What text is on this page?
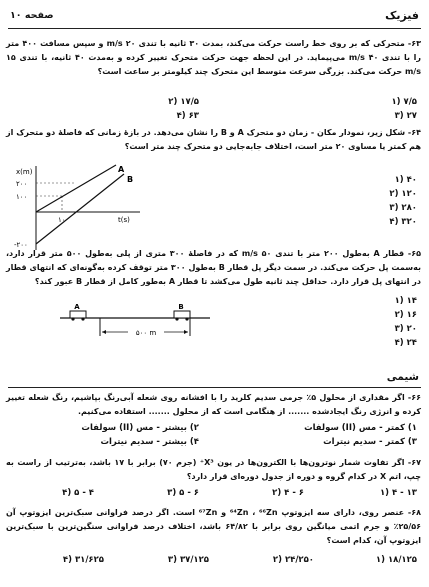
فیزیک
صفحه ۱۰
۶۳- متحرکی که بر روی خط راست حرکت می‌کند، بمدت ۳۰ ثانیه با تندی ۲۰ m/s و سپس مسافت ۴۰۰ متر را با تندی ۴۰ m/s می‌پیماید. در این لحظه جهت حرکت متحرک تغییر کرده و به‌مدت ۴۰ ثانیه، با تندی ۱۵ m/s حرکت می‌کند. بزرگی سرعت متوسط این متحرک چند کیلومتر بر ساعت است؟
۱) ۷/۵
۲) ۱۷/۵
۳) ۲۷
۴) ۶۳
۶۴- شکل زیر، نمودار مکان - زمان دو متحرک A و B را نشان می‌دهد. در بازهٔ زمانی که فاصلهٔ دو متحرک از هم کمتر یا مساوی ۲۰ متر است، اختلاف جابه‌جایی دو متحرک چند متر است؟
x(m)
t(s)
۲۰۰
۱۰۰
-۲۰۰
۱۰
A
B	۱) ۴۰
۲) ۱۲۰
۳) ۲۸۰
۴) ۳۲۰
۶۵- قطار A به‌طول ۲۰۰ متر با تندی ۵۰ m/s که در فاصلهٔ ۳۰۰ متری از پلی به‌طول ۵۰۰ متر قرار دارد، به‌سمت پل حرکت می‌کند. در سمت دیگر پل قطار B به‌طول ۳۰۰ متر توقف کرده به‌گونه‌ای که انتهای قطار در انتهای پل قرار دارد. حداقل چند ثانیه طول می‌کشد تا قطار A به‌طور کامل از قطار B عبور کند؟
A	B
۵۰۰ m
۱) ۱۴
۲) ۱۶
۳) ۲۰
۴) ۲۴
شیمی
۶۶- اگر مقداری از محلول ۵٪ جرمی سدیم کلرید را با افشانه روی شعله آبی‌رنگ بپاشیم، رنگ شعله تغییر کرده و انرژی رنگ ایجادشده ....... از هنگامی است که از محلول ....... استفاده می‌کنیم.
۱) کمتر - مس (II) سولفات
۲) بیشتر - مس (II) سولفات
۳) کمتر - سدیم نیترات
۴) بیشتر - سدیم نیترات
۶۷- اگر تفاوت شمار نوترون‌ها با الکترون‌ها در یون X³⁺ (جرم ۷۰) برابر با ۱۷ باشد، به‌ترتیب از راست به چپ، اتم X در کدام گروه و دوره از جدول دوره‌ای قرار دارد؟
۱) ۴ - ۱۳
۲) ۴ - ۶
۳) ۵ - ۶
۴) ۵ - ۴
۶۸- عنصر روی، دارای سه ایزوتوپ ⁶⁴Zn ، ⁶⁶Zn و ⁶⁷Zn است. اگر درصد فراوانی سبک‌ترین ایزوتوپ آن ۲۵/۵۶٪ و جرم اتمی میانگین روی برابر با ۶۴/۸۲ باشد، اختلاف درصد فراوانی سنگین‌ترین با سبک‌ترین ایزوتوپ آن، کدام است؟
۱) ۱۸/۱۲۵
۲) ۲۴/۲۵۰
۳) ۳۷/۱۲۵
۴) ۳۱/۶۲۵
